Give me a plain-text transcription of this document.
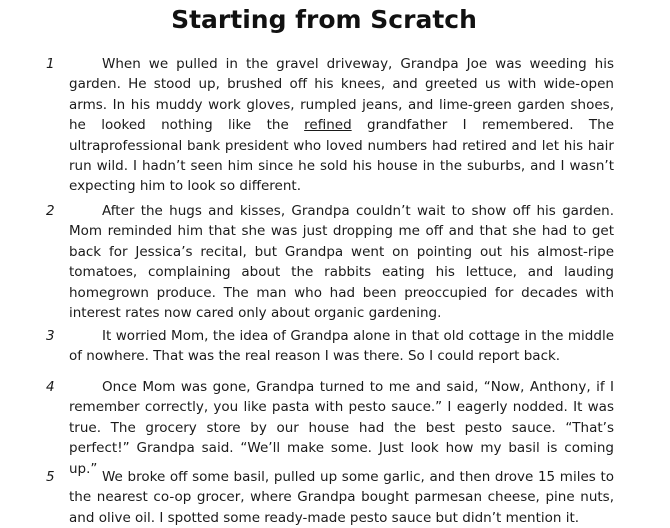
Starting from Scratch
1	When we pulled in the gravel driveway, Grandpa Joe was weeding his garden. He stood up, brushed off his knees, and greeted us with wide-open arms. In his muddy work gloves, rumpled jeans, and lime-green garden shoes, he looked nothing like the refined grandfather I remembered. The ultraprofessional bank president who loved numbers had retired and let his hair run wild. I hadn’t seen him since he sold his house in the suburbs, and I wasn’t expecting him to look so different.

2	After the hugs and kisses, Grandpa couldn’t wait to show off his garden. Mom reminded him that she was just dropping me off and that she had to get back for Jessica’s recital, but Grandpa went on pointing out his almost-ripe tomatoes, complaining about the rabbits eating his lettuce, and lauding homegrown produce. The man who had been preoccupied for decades with interest rates now cared only about organic gardening.

3	It worried Mom, the idea of Grandpa alone in that old cottage in the middle of nowhere. That was the real reason I was there. So I could report back.

4	Once Mom was gone, Grandpa turned to me and said, “Now, Anthony, if I remember correctly, you like pasta with pesto sauce.” I eagerly nodded. It was true. The grocery store by our house had the best pesto sauce. “That’s perfect!” Grandpa said. “We’ll make some. Just look how my basil is coming up.”

5	We broke off some basil, pulled up some garlic, and then drove 15 miles to the nearest co-op grocer, where Grandpa bought parmesan cheese, pine nuts, and olive oil. I spotted some ready-made pesto sauce but didn’t mention it.
